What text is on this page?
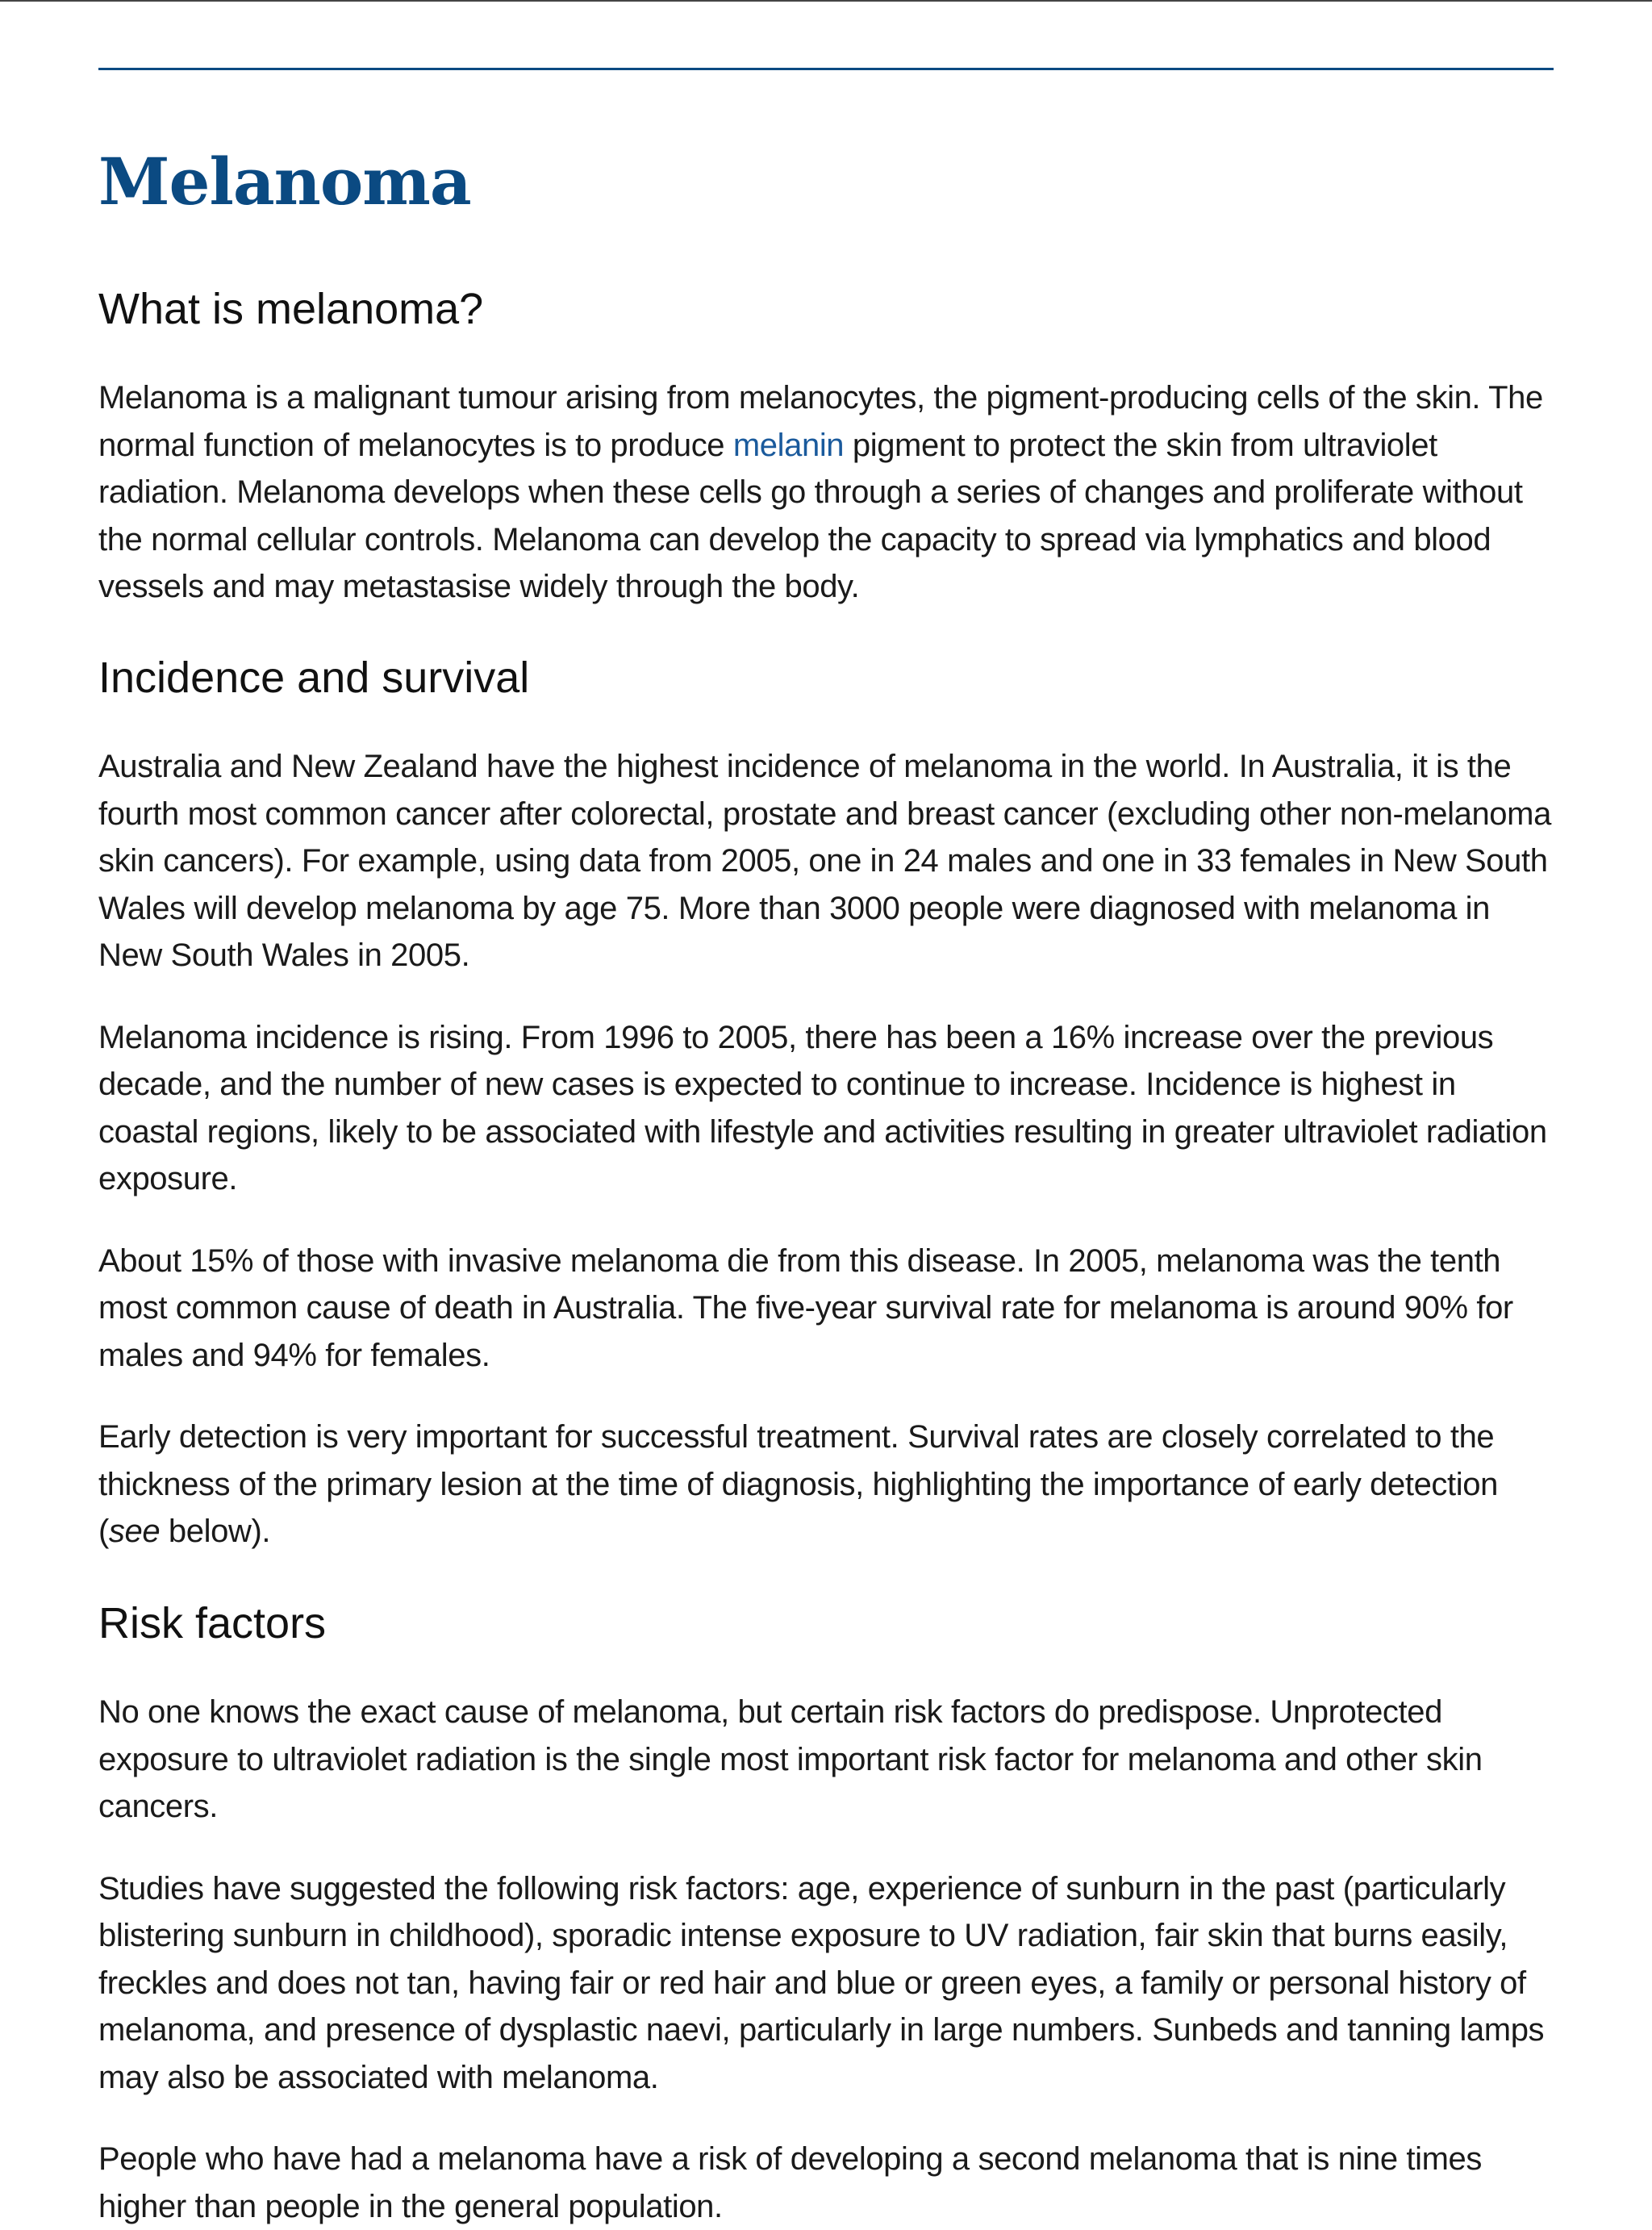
Melanoma
What is melanoma?

Melanoma is a malignant tumour arising from melanocytes, the pigment-producing cells of the skin. The normal function of melanocytes is to produce melanin pigment to protect the skin from ultraviolet radiation. Melanoma develops when these cells go through a series of changes and proliferate without the normal cellular controls. Melanoma can develop the capacity to spread via lymphatics and blood vessels and may metastasise widely through the body.

Incidence and survival

Australia and New Zealand have the highest incidence of melanoma in the world. In Australia, it is the fourth most common cancer after colorectal, prostate and breast cancer (excluding other non-melanoma skin cancers). For example, using data from 2005, one in 24 males and one in 33 females in New South Wales will develop melanoma by age 75. More than 3000 people were diagnosed with melanoma in New South Wales in 2005.

Melanoma incidence is rising. From 1996 to 2005, there has been a 16% increase over the previous decade, and the number of new cases is expected to continue to increase. Incidence is highest in coastal regions, likely to be associated with lifestyle and activities resulting in greater ultraviolet radiation exposure.

About 15% of those with invasive melanoma die from this disease. In 2005, melanoma was the tenth most common cause of death in Australia. The five-year survival rate for melanoma is around 90% for males and 94% for females.

Early detection is very important for successful treatment. Survival rates are closely correlated to the thickness of the primary lesion at the time of diagnosis, highlighting the importance of early detection (see below).

Risk factors

No one knows the exact cause of melanoma, but certain risk factors do predispose. Unprotected exposure to ultraviolet radiation is the single most important risk factor for melanoma and other skin cancers.

Studies have suggested the following risk factors: age, experience of sunburn in the past (particularly blistering sunburn in childhood), sporadic intense exposure to UV radiation, fair skin that burns easily, freckles and does not tan, having fair or red hair and blue or green eyes, a family or personal history of melanoma, and presence of dysplastic naevi, particularly in large numbers. Sunbeds and tanning lamps may also be associated with melanoma.

People who have had a melanoma have a risk of developing a second melanoma that is nine times higher than people in the general population.
